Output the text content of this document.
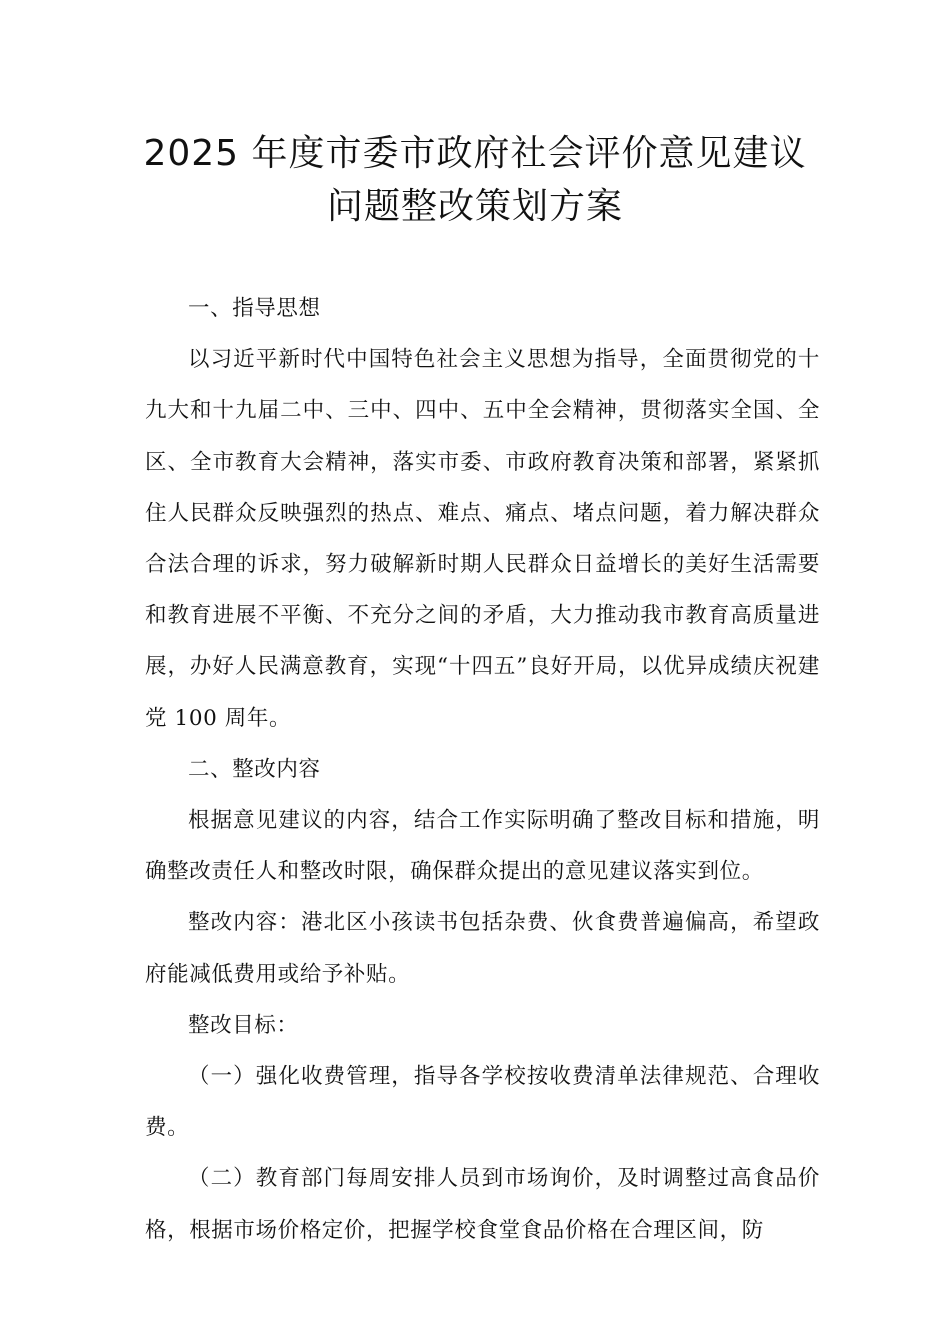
2025 年度市委市政府社会评价意见建议
问题整改策划方案

一、指导思想

以习近平新时代中国特色社会主义思想为指导，全面贯彻党的十九大和十九届二中、三中、四中、五中全会精神，贯彻落实全国、全区、全市教育大会精神，落实市委、市政府教育决策和部署，紧紧抓住人民群众反映强烈的热点、难点、痛点、堵点问题，着力解决群众合法合理的诉求，努力破解新时期人民群众日益增长的美好生活需要和教育进展不平衡、不充分之间的矛盾，大力推动我市教育高质量进展，办好人民满意教育，实现“十四五”良好开局，以优异成绩庆祝建党 100 周年。

二、整改内容

根据意见建议的内容，结合工作实际明确了整改目标和措施，明确整改责任人和整改时限，确保群众提出的意见建议落实到位。

整改内容：港北区小孩读书包括杂费、伙食费普遍偏高，希望政府能减低费用或给予补贴。

整改目标：

（一）强化收费管理，指导各学校按收费清单法律规范、合理收费。

（二）教育部门每周安排人员到市场询价，及时调整过高食品价格，根据市场价格定价，把握学校食堂食品价格在合理区间，防
